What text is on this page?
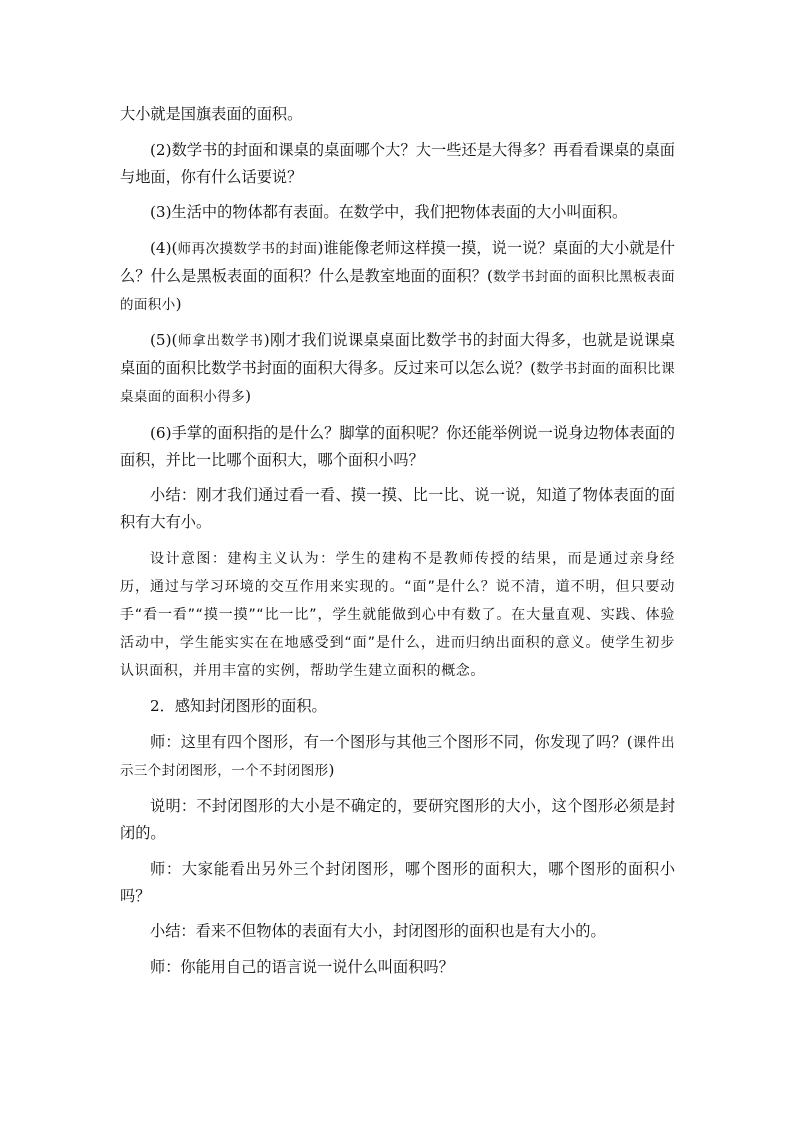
大小就是国旗表面的面积。

(2)数学书的封面和课桌的桌面哪个大？大一些还是大得多？再看看课桌的桌面与地面，你有什么话要说？

(3)生活中的物体都有表面。在数学中，我们把物体表面的大小叫面积。

(4)(师再次摸数学书的封面)谁能像老师这样摸一摸，说一说？桌面的大小就是什么？什么是黑板表面的面积？什么是教室地面的面积？(数学书封面的面积比黑板表面的面积小)

(5)(师拿出数学书)刚才我们说课桌桌面比数学书的封面大得多，也就是说课桌桌面的面积比数学书封面的面积大得多。反过来可以怎么说？(数学书封面的面积比课桌桌面的面积小得多)

(6)手掌的面积指的是什么？脚掌的面积呢？你还能举例说一说身边物体表面的面积，并比一比哪个面积大，哪个面积小吗？

小结：刚才我们通过看一看、摸一摸、比一比、说一说，知道了物体表面的面积有大有小。

设计意图：建构主义认为：学生的建构不是教师传授的结果，而是通过亲身经历，通过与学习环境的交互作用来实现的。“面”是什么？说不清，道不明，但只要动手“看一看”“摸一摸”“比一比”，学生就能做到心中有数了。在大量直观、实践、体验活动中，学生能实实在在地感受到“面”是什么，进而归纳出面积的意义。使学生初步认识面积，并用丰富的实例，帮助学生建立面积的概念。

2．感知封闭图形的面积。

师：这里有四个图形，有一个图形与其他三个图形不同，你发现了吗？(课件出示三个封闭图形，一个不封闭图形)

说明：不封闭图形的大小是不确定的，要研究图形的大小，这个图形必须是封闭的。

师：大家能看出另外三个封闭图形，哪个图形的面积大，哪个图形的面积小吗？

小结：看来不但物体的表面有大小，封闭图形的面积也是有大小的。

师：你能用自己的语言说一说什么叫面积吗？
